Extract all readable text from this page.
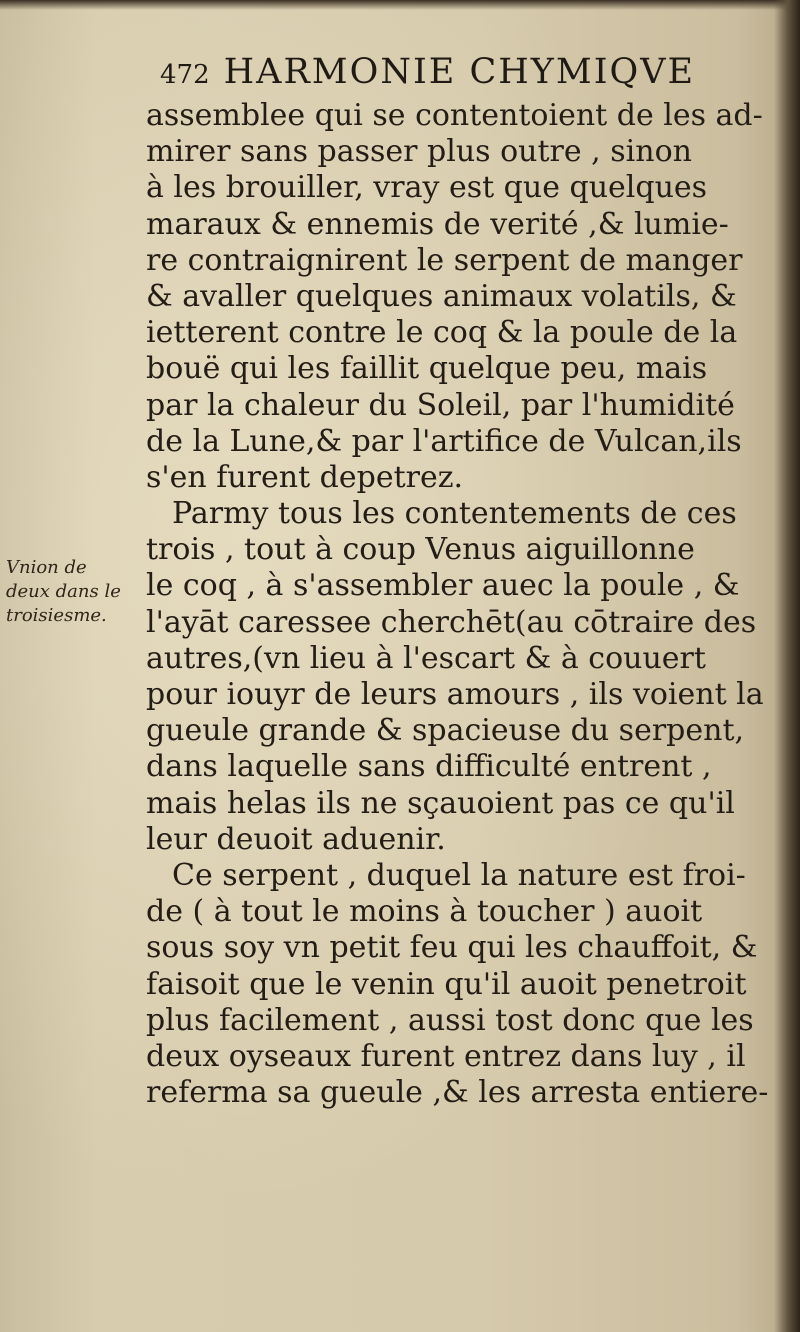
472 HARMONIE CHYMIQVE
Vnion de
deux dans le
troisiesme.
assemblee qui se contentoient de les ad-
mirer sans passer plus outre , sinon
à les brouiller, vray est que quelques
maraux & ennemis de verité ,& lumie-
re contraignirent le serpent de manger
& avaller quelques animaux volatils, &
ietterent contre le coq & la poule de la
bouë qui les faillit quelque peu, mais
par la chaleur du Soleil, par l'humidité
de la Lune,& par l'artifice de Vulcan,ils
s'en furent depetrez.
Parmy tous les contentements de ces
trois , tout à coup Venus aiguillonne
le coq , à s'assembler auec la poule , &
l'ayāt caressee cherchēt(au cōtraire des
autres,(vn lieu à l'escart & à couuert
pour iouyr de leurs amours , ils voient la
gueule grande & spacieuse du serpent,
dans laquelle sans difficulté entrent ,
mais helas ils ne sçauoient pas ce qu'il
leur deuoit aduenir.
Ce serpent , duquel la nature est froi-
de ( à tout le moins à toucher ) auoit
sous soy vn petit feu qui les chauffoit, &
faisoit que le venin qu'il auoit penetroit
plus facilement , aussi tost donc que les
deux oyseaux furent entrez dans luy , il
referma sa gueule ,& les arresta entiere-
